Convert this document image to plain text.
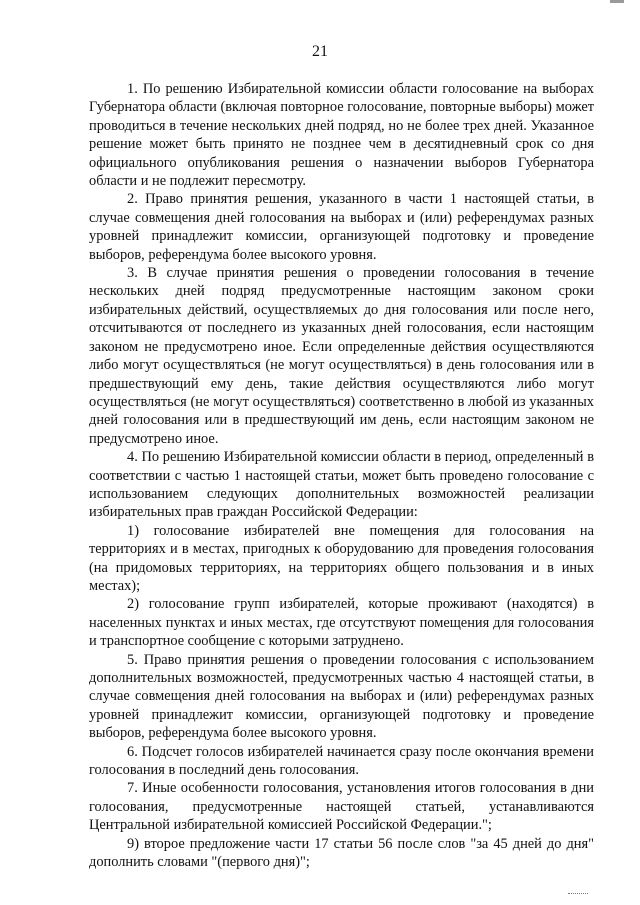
21

1. По решению Избирательной комиссии области голосование на выборах Губернатора области (включая повторное голосование, повторные выборы) может проводиться в течение нескольких дней подряд, но не более трех дней. Указанное решение может быть принято не позднее чем в десятидневный срок со дня официального опубликования решения о назначении выборов Губернатора области и не подлежит пересмотру.

2. Право принятия решения, указанного в части 1 настоящей статьи, в случае совмещения дней голосования на выборах и (или) референдумах разных уровней принадлежит комиссии, организующей подготовку и проведение выборов, референдума более высокого уровня.

3. В случае принятия решения о проведении голосования в течение нескольких дней подряд предусмотренные настоящим законом сроки избирательных действий, осуществляемых до дня голосования или после него, отсчитываются от последнего из указанных дней голосования, если настоящим законом не предусмотрено иное. Если определенные действия осуществляются либо могут осуществляться (не могут осуществляться) в день голосования или в предшествующий ему день, такие действия осуществляются либо могут осуществляться (не могут осуществляться) соответственно в любой из указанных дней голосования или в предшествующий им день, если настоящим законом не предусмотрено иное.

4. По решению Избирательной комиссии области в период, определенный в соответствии с частью 1 настоящей статьи, может быть проведено голосование с использованием следующих дополнительных возможностей реализации избирательных прав граждан Российской Федерации:

1) голосование избирателей вне помещения для голосования на территориях и в местах, пригодных к оборудованию для проведения голосования (на придомовых территориях, на территориях общего пользования и в иных местах);

2) голосование групп избирателей, которые проживают (находятся) в населенных пунктах и иных местах, где отсутствуют помещения для голосования и транспортное сообщение с которыми затруднено.

5. Право принятия решения о проведении голосования с использованием дополнительных возможностей, предусмотренных частью 4 настоящей статьи, в случае совмещения дней голосования на выборах и (или) референдумах разных уровней принадлежит комиссии, организующей подготовку и проведение выборов, референдума более высокого уровня.

6. Подсчет голосов избирателей начинается сразу после окончания времени голосования в последний день голосования.

7. Иные особенности голосования, установления итогов голосования в дни голосования, предусмотренные настоящей статьей, устанавливаются Центральной избирательной комиссией Российской Федерации.";

9) второе предложение части 17 статьи 56 после слов "за 45 дней до дня" дополнить словами "(первого дня)";
